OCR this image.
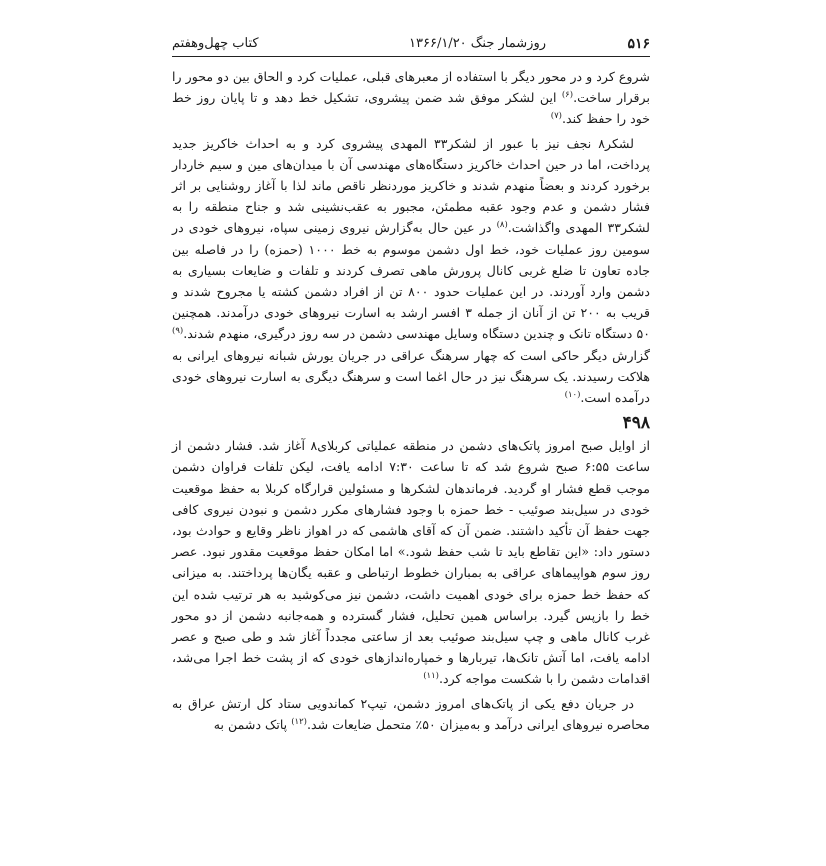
۵۱۶
روزشمار جنگ ۱۳۶۶/۱/۲۰
کتاب چهل‌وهفتم

شروع کرد و در محور دیگر با استفاده از معبرهای قبلی، عملیات کرد و الحاق بین دو محور را برقرار ساخت.$^{(۶)}$ این لشکر موفق شد ضمن پیشروی، تشکیل خط دهد و تا پایان روز خط خود را حفظ کند.$^{(۷)}$

لشکر۸ نجف نیز با عبور از لشکر۳۳ المهدی پیشروی کرد و به احداث خاکریز جدید پرداخت، اما در حین احداث خاکریز دستگاه‌های مهندسی آن با میدان‌های مین و سیم خاردار برخورد کردند و بعضاً منهدم شدند و خاکریز موردنظر ناقص ماند لذا با آغاز روشنایی بر اثر فشار دشمن و عدم وجود عقبه مطمئن، مجبور به عقب‌نشینی شد و جناح منطقه را به لشکر۳۳ المهدی واگذاشت.$^{(۸)}$ در عین حال به‌گزارش نیروی زمینی سپاه، نیروهای خودی در سومین روز عملیات خود، خط اول دشمن موسوم به خط ۱۰۰۰ (حمزه) را در فاصله بین جاده تعاون تا ضلع غربی کانال پرورش ماهی تصرف کردند و تلفات و ضایعات بسیاری به دشمن وارد آوردند. در این عملیات حدود ۸۰۰ تن از افراد دشمن کشته یا مجروح شدند و قریب به ۲۰۰ تن از آنان از جمله ۳ افسر ارشد به اسارت نیروهای خودی درآمدند. همچنین ۵۰ دستگاه تانک و چندین دستگاه وسایل مهندسی دشمن در سه روز درگیری، منهدم شدند.$^{(۹)}$ گزارش دیگر حاکی است که چهار سرهنگ عراقی در جریان یورش شبانه نیروهای ایرانی به هلاکت رسیدند. یک سرهنگ نیز در حال اغما است و سرهنگ دیگری به اسارت نیروهای خودی درآمده است.$^{(۱۰)}$

۴۹۸

از اوایل صبح امروز پاتک‌های دشمن در منطقه عملیاتی کربلای۸ آغاز شد. فشار دشمن از ساعت ۶:۵۵ صبح شروع شد که تا ساعت ۷:۳۰ ادامه یافت، لیکن تلفات فراوان دشمن موجب قطع فشار او گردید. فرماندهان لشکرها و مسئولین قرارگاه کربلا به حفظ موقعیت خودی در سیل‌بند صوئیب - خط حمزه با وجود فشارهای مکرر دشمن و نبودن نیروی کافی جهت حفظ آن تأکید داشتند. ضمن آن که آقای هاشمی که در اهواز ناظر وقایع و حوادث بود، دستور داد: «این تقاطع باید تا شب حفظ شود.» اما امکان حفظ موقعیت مقدور نبود. عصر روز سوم هواپیماهای عراقی به بمباران خطوط ارتباطی و عقبه یگان‌ها پرداختند. به میزانی که حفظ خط حمزه برای خودی اهمیت داشت، دشمن نیز می‌کوشید به هر ترتیب شده این خط را بازپس گیرد. براساس همین تحلیل، فشار گسترده و همه‌جانبه دشمن از دو محور غرب کانال ماهی و چپ سیل‌بند صوئیب بعد از ساعتی مجدداً آغاز شد و طی صبح و عصر ادامه یافت، اما آتش تانک‌ها، تیربارها و خمپاره‌اندازهای خودی که از پشت خط اجرا می‌شد، اقدامات دشمن را با شکست مواجه کرد.$^{(۱۱)}$

در جریان دفع یکی از پاتک‌های امروز دشمن، تیپ۲ کماندویی ستاد کل ارتش عراق به محاصره نیروهای ایرانی درآمد و به‌میزان ۵۰٪ متحمل ضایعات شد.$^{(۱۲)}$ پاتک دشمن به
